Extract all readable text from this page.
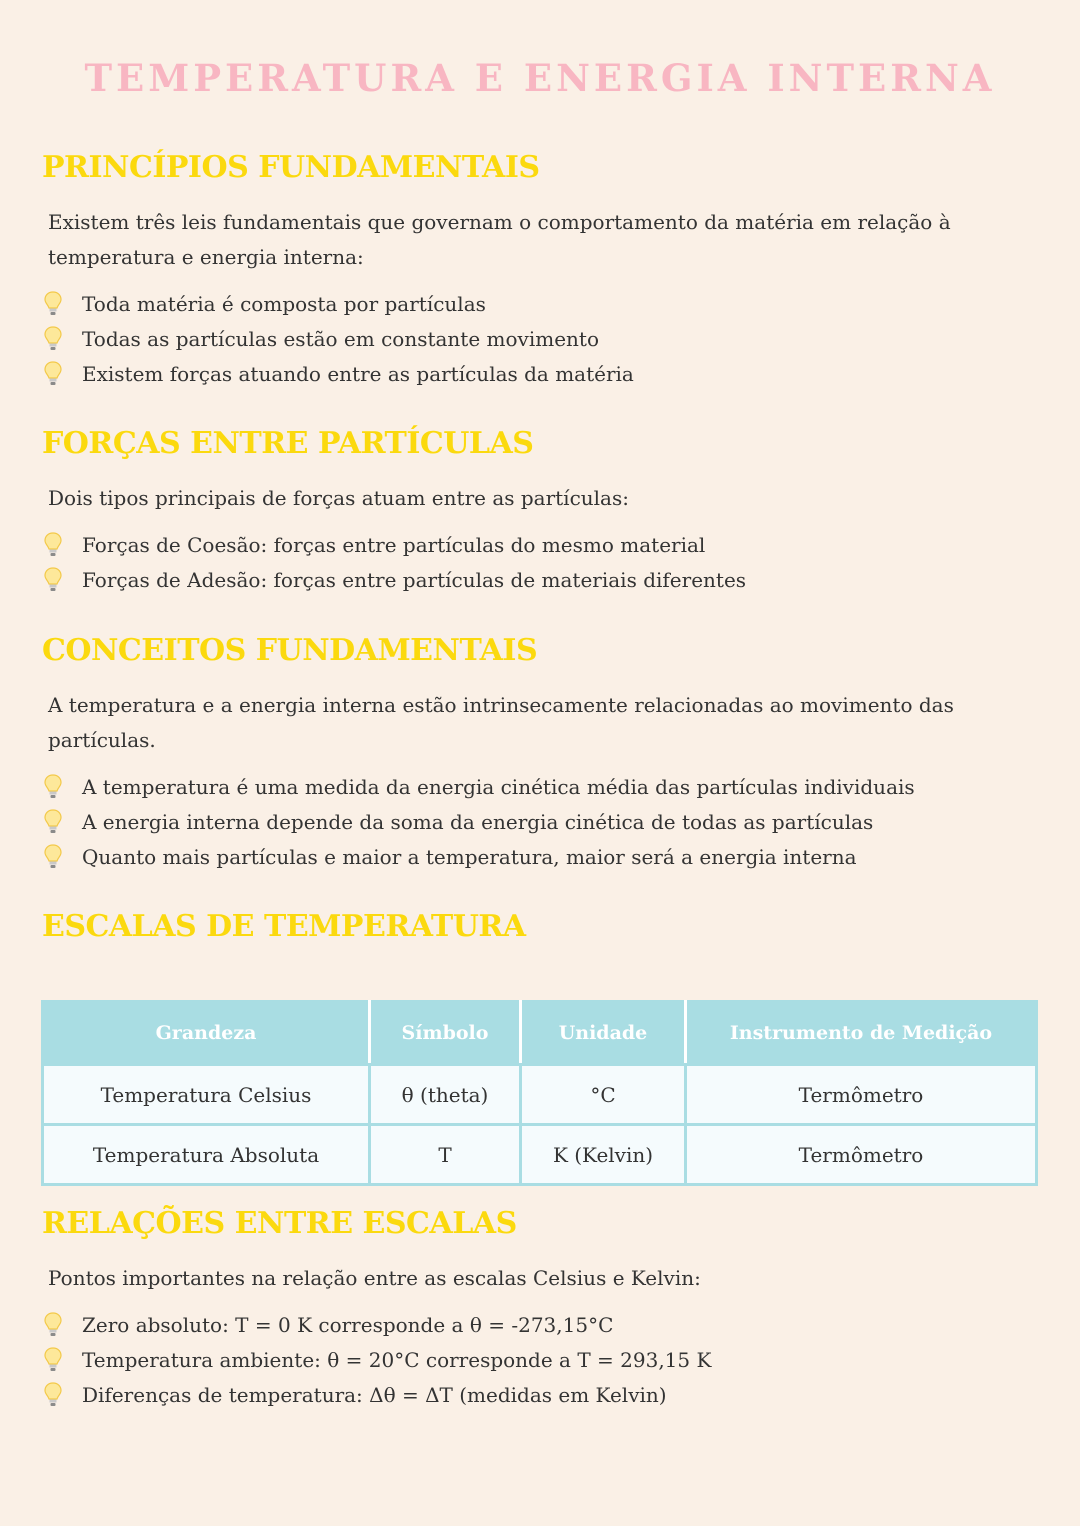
TEMPERATURA E ENERGIA INTERNA
PRINCÍPIOS FUNDAMENTAIS

Existem três leis fundamentais que governam o comportamento da matéria em relação à temperatura e energia interna:

Toda matéria é composta por partículas
Todas as partículas estão em constante movimento
Existem forças atuando entre as partículas da matéria
FORÇAS ENTRE PARTÍCULAS

Dois tipos principais de forças atuam entre as partículas:

Forças de Coesão: forças entre partículas do mesmo material
Forças de Adesão: forças entre partículas de materiais diferentes
CONCEITOS FUNDAMENTAIS

A temperatura e a energia interna estão intrinsecamente relacionadas ao movimento das partículas.

A temperatura é uma medida da energia cinética média das partículas individuais
A energia interna depende da soma da energia cinética de todas as partículas
Quanto mais partículas e maior a temperatura, maior será a energia interna
ESCALAS DE TEMPERATURA
Grandeza	Símbolo	Unidade	Instrumento de Medição
Temperatura Celsius	θ (theta)	°C	Termômetro
Temperatura Absoluta	T	K (Kelvin)	Termômetro
RELAÇÕES ENTRE ESCALAS

Pontos importantes na relação entre as escalas Celsius e Kelvin:

Zero absoluto: T = 0 K corresponde a θ = -273,15°C
Temperatura ambiente: θ = 20°C corresponde a T = 293,15 K
Diferenças de temperatura: Δθ = ΔT (medidas em Kelvin)
